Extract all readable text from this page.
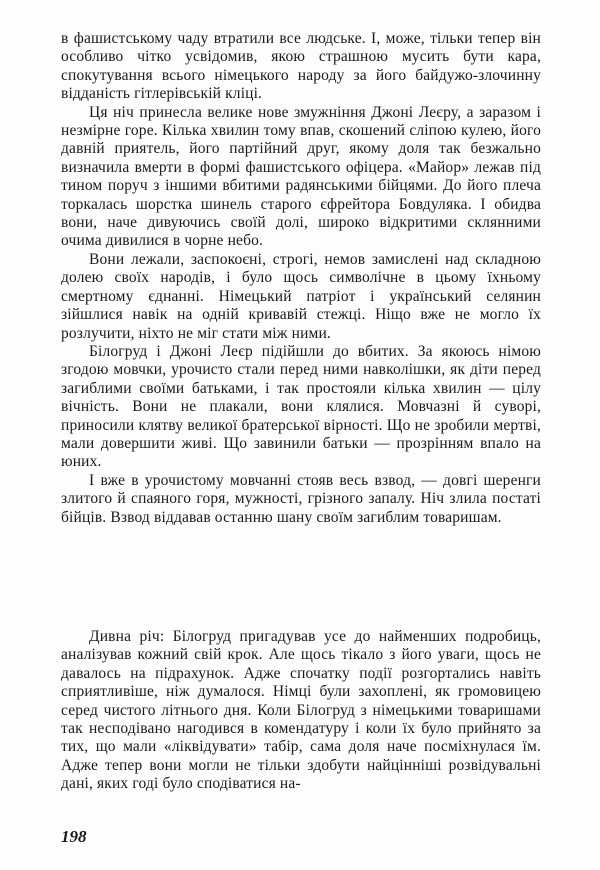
в фашистському чаду втратили все людське. І, може, тільки тепер він особливо чітко усвідомив, якою страшною мусить бути кара, спокутування всього німецького народу за його байдужо-злочинну відданість гітлерівській кліці.

Ця ніч принесла велике нове змужніння Джоні Леєру, а заразом і незмірне горе. Кілька хвилин тому впав, скошений сліпою кулею, його давній приятель, його партійний друг, якому доля так безжально визначила вмерти в формі фашистського офіцера. «Майор» лежав під тином поруч з іншими вбитими радянськими бійцями. До його плеча торкалась шорстка шинель старого єфрейтора Бовдуляка. І обидва вони, наче дивуючись своїй долі, широко відкритими склянними очима дивилися в чорне небо.

Вони лежали, заспокоєні, строгі, немов замислені над складною долею своїх народів, і було щось символічне в цьому їхньому смертному єднанні. Німецький патріот і український селянин зійшлися навік на одній кривавій стежці. Ніщо вже не могло їх розлучити, ніхто не міг стати між ними.

Білогруд і Джоні Леєр підійшли до вбитих. За якоюсь німою згодою мовчки, урочисто стали перед ними навколішки, як діти перед загиблими своїми батьками, і так простояли кілька хвилин — цілу вічність. Вони не плакали, вони клялися. Мовчазні й суворі, приносили клятву великої братерської вірності. Що не зробили мертві, мали довершити живі. Що завинили батьки — прозрінням впало на юних.

І вже в урочистому мовчанні стояв весь взвод, — довгі шеренги злитого й спаяного горя, мужності, грізного запалу. Ніч злила постаті бійців. Взвод віддавав останню шану своїм загиблим товаришам.

Дивна річ: Білогруд пригадував усе до найменших подробиць, аналізував кожний свій крок. Але щось тікало з його уваги, щось не давалось на підрахунок. Адже спочатку події розгортались навіть сприятливіше, ніж думалося. Німці були захоплені, як громовицею серед чистого літнього дня. Коли Білогруд з німецькими товаришами так несподівано нагодився в комендатуру і коли їх було прийнято за тих, що мали «ліквідувати» табір, сама доля наче посміхнулася їм. Адже тепер вони могли не тільки здобути найцінніші розвідувальні дані, яких годі було сподіватися на-

198
